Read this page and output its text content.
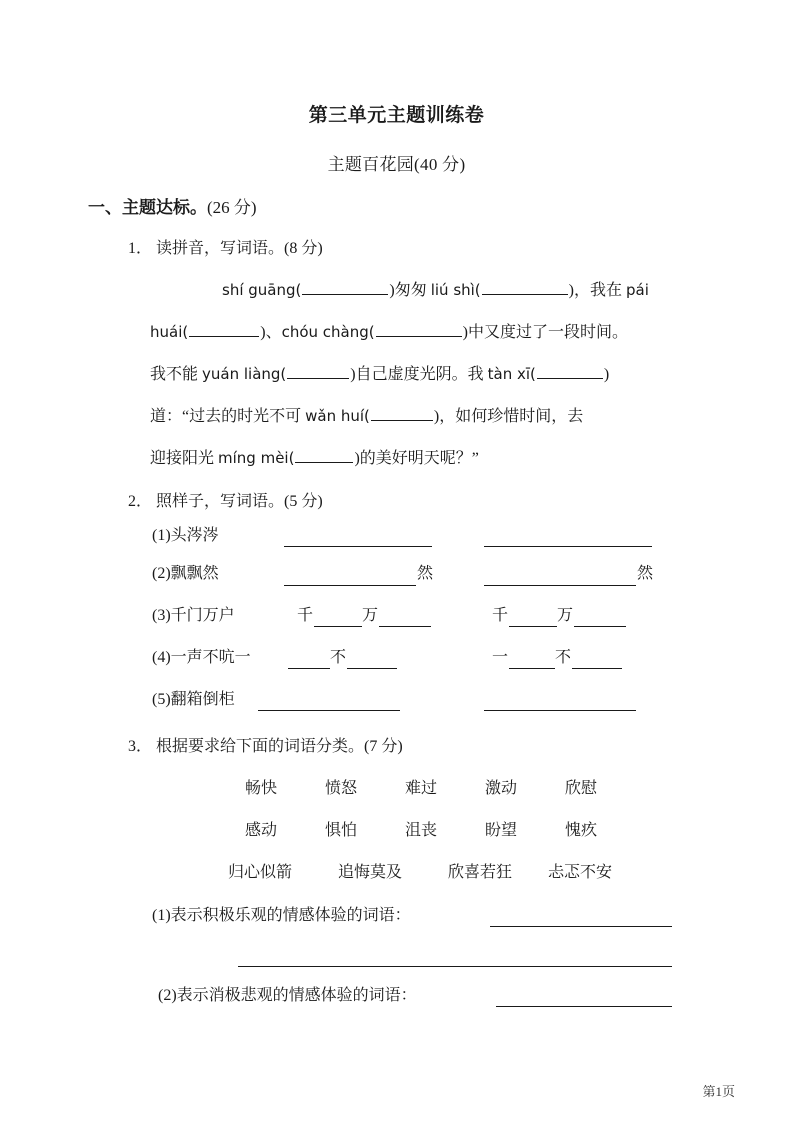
第三单元主题训练卷
主题百花园(40 分)
一、主题达标。(26 分)
1． 读拼音，写词语。(8 分)
shí guāng(	)匆匆 liú shì(	)，我在 pái
huái(	)、chóu chàng(	)中又度过了一段时间。
我不能 yuán liàng(	)自己虚度光阴。我 tàn xī(	)
道：“过去的时光不可 wǎn huí(	)，如何珍惜时间，去
迎接阳光 míng mèi(	)的美好明天呢？”
2． 照样子，写词语。(5 分)
(1)头涔涔
(2)飘飘然	然	然
(3)千门万户	千	万	千	万
(4)一声不吭一	不	一	不
(5)翻箱倒柜
3． 根据要求给下面的词语分类。(7 分)
畅快	愤怒	难过	激动	欣慰
感动	惧怕	沮丧	盼望	愧疚
归心似箭	追悔莫及	欣喜若狂 忐忑不安
(1)表示积极乐观的情感体验的词语：
(2)表示消极悲观的情感体验的词语：
第1页
